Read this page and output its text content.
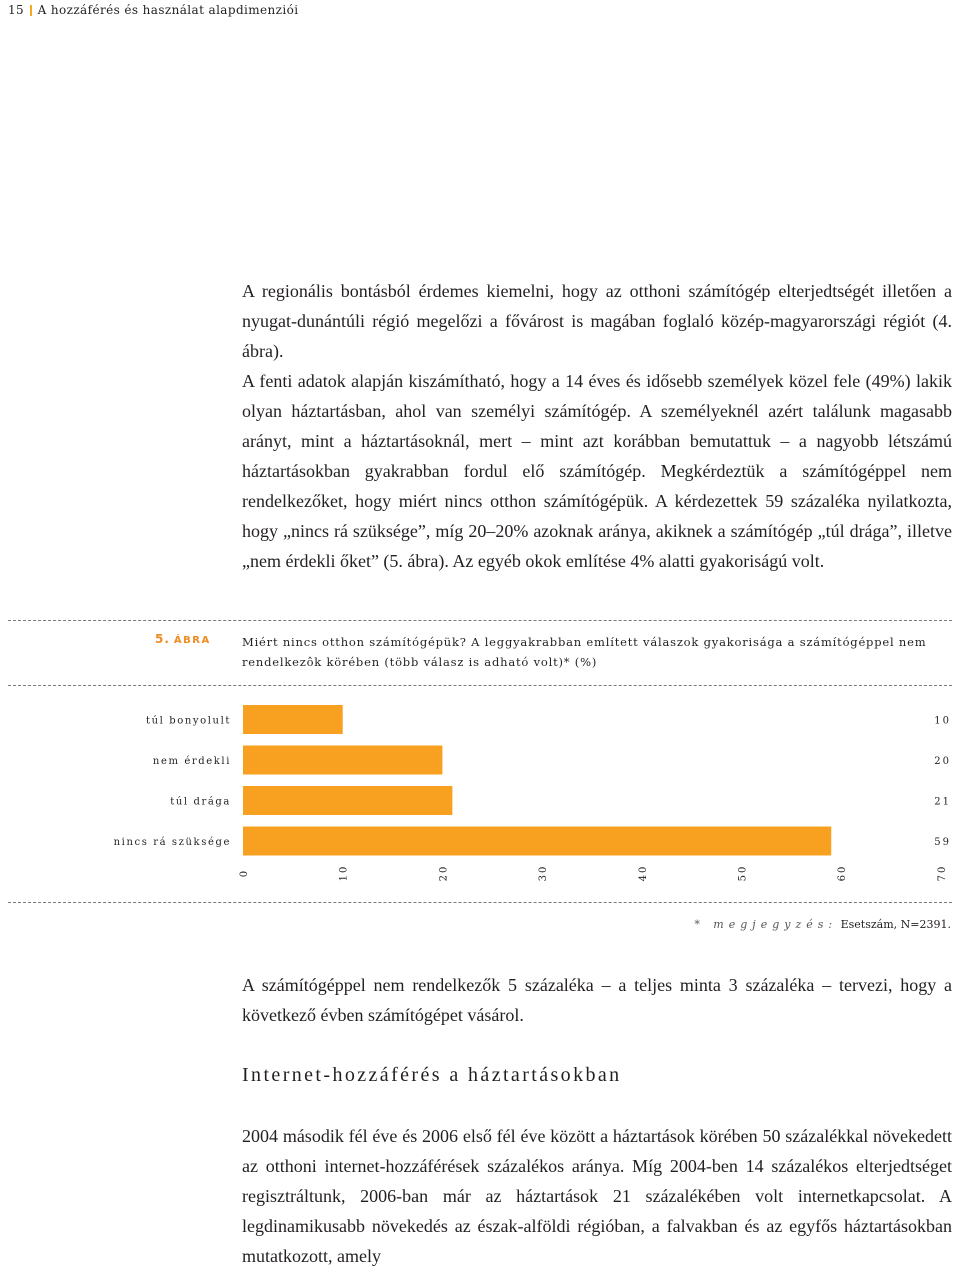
15 A hozzáférés és használat alapdimenziói

A regionális bontásból érdemes kiemelni, hogy az otthoni számítógép elterjedtségét illetően a nyugat-dunántúli régió megelőzi a fővárost is magában foglaló közép-magyarországi régiót (4. ábra).

A fenti adatok alapján kiszámítható, hogy a 14 éves és idősebb személyek közel fele (49%) lakik olyan háztartásban, ahol van személyi számítógép. A személyeknél azért találunk magasabb arányt, mint a háztartásoknál, mert – mint azt korábban bemutattuk – a nagyobb létszámú háztartásokban gyakrabban fordul elő számítógép. Megkérdeztük a számítógéppel nem rendelkezőket, hogy miért nincs otthon számítógépük. A kérdezettek 59 százaléka nyilatkozta, hogy „nincs rá szüksége”, míg 20–20% azoknak aránya, akiknek a számítógép „túl drága”, illetve „nem érdekli őket” (5. ábra). Az egyéb okok említése 4% alatti gyakoriságú volt.

5. ÁBRA	Miért nincs otthon számítógépük? A leggyakrabban említett válaszok gyakorisága a számítógéppel nem rendelkezôk körében (több válasz is adható volt)* (%)
túl bonyolult	10
nem érdekli	20
túl drága	21
nincs rá szüksége	59
0	10	20	30	40	50	60	70
* megjegyzés: Esetszám, N=2391.

A számítógéppel nem rendelkezők 5 százaléka – a teljes minta 3 százaléka – tervezi, hogy a következő évben számítógépet vásárol.

Internet-hozzáférés a háztartásokban

2004 második fél éve és 2006 első fél éve között a háztartások körében 50 százalékkal növekedett az otthoni internet-hozzáférések százalékos aránya. Míg 2004-ben 14 százalékos elterjedtséget regisztráltunk, 2006-ban már az háztartások 21 százalékében volt internetkapcsolat. A legdinamikusabb növekedés az észak-alföldi régióban, a falvakban és az egyfős háztartásokban mutatkozott, amely
